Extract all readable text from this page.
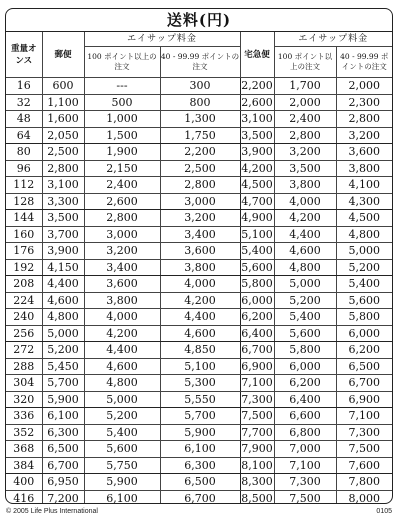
送料(円)
重量オンス	郵便	エイサップ料金		宅急便	エイサップ料金	
		100 ポイント以上の注文	40 - 99.99 ポイントの注文		100 ポイント以上の注文	40 - 99.99 ポイントの注文
16	600	---	300	2,200	1,700	2,000
32	1,100	500	800	2,600	2,000	2,300
48	1,600	1,000	1,300	3,100	2,400	2,800
64	2,050	1,500	1,750	3,500	2,800	3,200
80	2,500	1,900	2,200	3,900	3,200	3,600
96	2,800	2,150	2,500	4,200	3,500	3,800
112	3,100	2,400	2,800	4,500	3,800	4,100
128	3,300	2,600	3,000	4,700	4,000	4,300
144	3,500	2,800	3,200	4,900	4,200	4,500
160	3,700	3,000	3,400	5,100	4,400	4,800
176	3,900	3,200	3,600	5,400	4,600	5,000
192	4,150	3,400	3,800	5,600	4,800	5,200
208	4,400	3,600	4,000	5,800	5,000	5,400
224	4,600	3,800	4,200	6,000	5,200	5,600
240	4,800	4,000	4,400	6,200	5,400	5,800
256	5,000	4,200	4,600	6,400	5,600	6,000
272	5,200	4,400	4,850	6,700	5,800	6,200
288	5,450	4,600	5,100	6,900	6,000	6,500
304	5,700	4,800	5,300	7,100	6,200	6,700
320	5,900	5,000	5,550	7,300	6,400	6,900
336	6,100	5,200	5,700	7,500	6,600	7,100
352	6,300	5,400	5,900	7,700	6,800	7,300
368	6,500	5,600	6,100	7,900	7,000	7,500
384	6,700	5,750	6,300	8,100	7,100	7,600
400	6,950	5,900	6,500	8,300	7,300	7,800
416	7,200	6,100	6,700	8,500	7,500	8,000

© 2005 Life Plus International	0105
